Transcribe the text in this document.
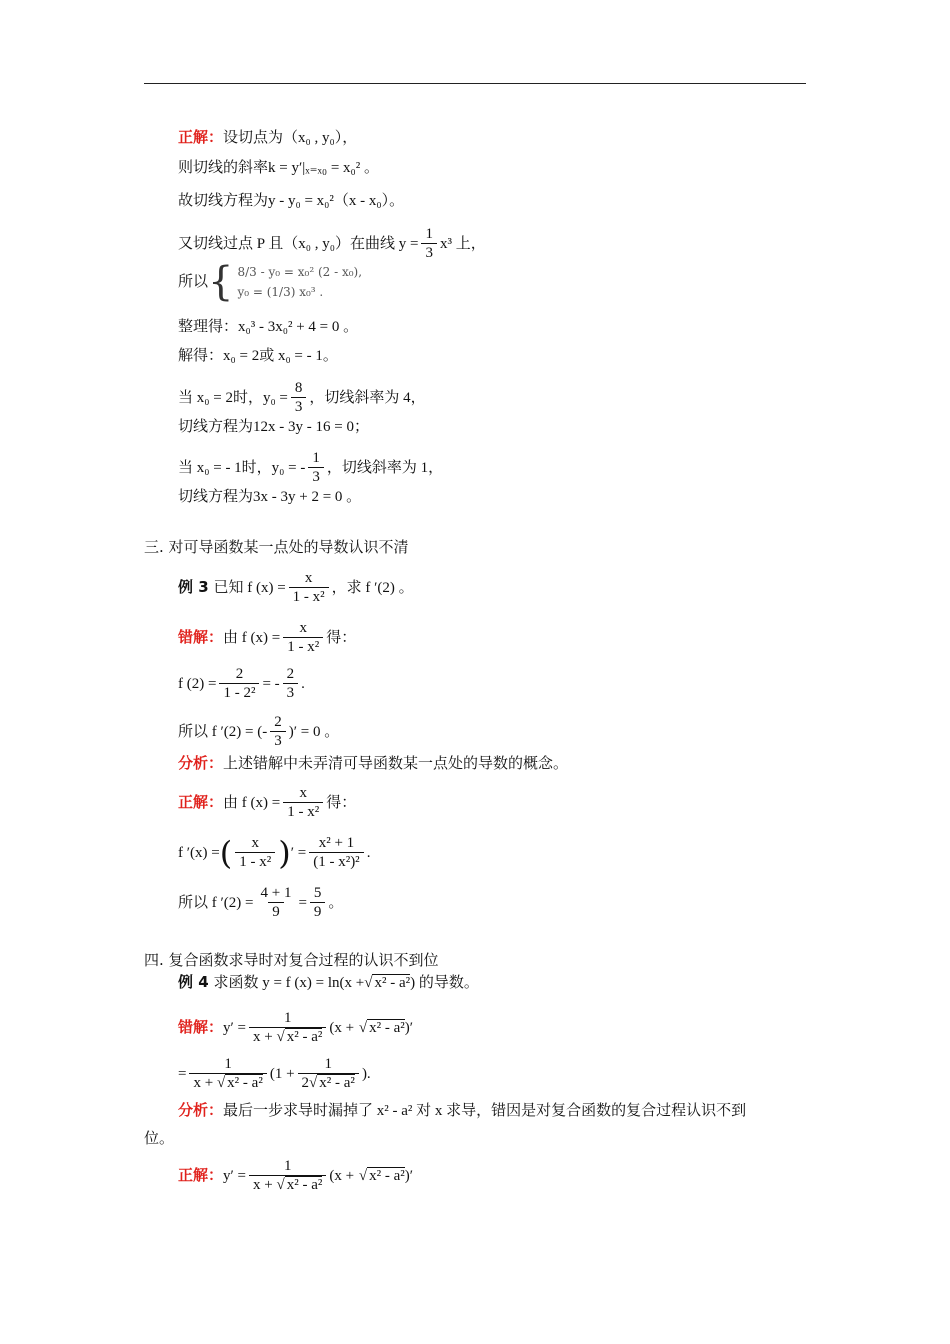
正解：设切点为（x₀ , y₀），
则切线的斜率k = y′|ₓ₌ₓ₀ = x₀² 。
故切线方程为y - y₀ = x₀²（x - x₀）。
又切线过点 P 且（x₀ , y₀）在曲线 $y = \frac{1}{3} x^3$ 上，
所以 { 8/3 - y₀ = x₀² (2 - x₀),
y₀ = (1/3) x₀³ .
整理得：x₀³ - 3x₀² + 4 = 0 。
解得：x₀ = 2或 x₀ = - 1。
当 x₀ = 2时，$y_0 = \frac{8}{3}$ ，切线斜率为 4，
切线方程为12x - 3y - 16 = 0；
当 x₀ = - 1时，y₀ = - $\frac{1}{3}$ ，切线斜率为 1，
切线方程为3x - 3y + 2 = 0 。
三. 对可导函数某一点处的导数认识不清
例 3 已知 f $(x) = \frac{x}{\text{1 - x²}}$ ，求 f ′(2) 。
错解：由 f $(x) = \frac{x}{\text{1 - x²}}$ 得：
f $(2) = \frac{2}{\text{1 - 2²}}$ = - $\frac{2}{3}$ .
所以 f ′(2) = (- $\frac{2}{3}$ )′ = 0 。
分析：上述错解中未弄清可导函数某一点处的导数的概念。
正解：由 f $(x) = \frac{x}{\text{1 - x²}}$ 得：
f ′(x) =( $\frac{x}{\text{1 - x²}}$ )′ = $\frac{\text{x² + 1}}{\text{(1 - x²)²}}$ .
所以 f $'(2) = \frac{4 + 1}{9} = \frac{5}{9}$ 。
四. 复合函数求导时对复合过程的认识不到位
例 4 求函数 y = f (x) = ln(x +√ x² - a²) 的导数。
错解：$y' = \frac{1}{\text{x + √ x² - a²}} (x$ + √ x² - a²)′
= $\frac{1}{\text{x + √ x² - a²}} (1 + \frac{1}{\text{2√ x² - a²}}$ ).
分析：最后一步求导时漏掉了 x² - a² 对 x 求导，错因是对复合函数的复合过程认识不到
位。
正解：$y' = \frac{1}{\text{x + √ x² - a²}} (x$ + √ x² - a²)′
